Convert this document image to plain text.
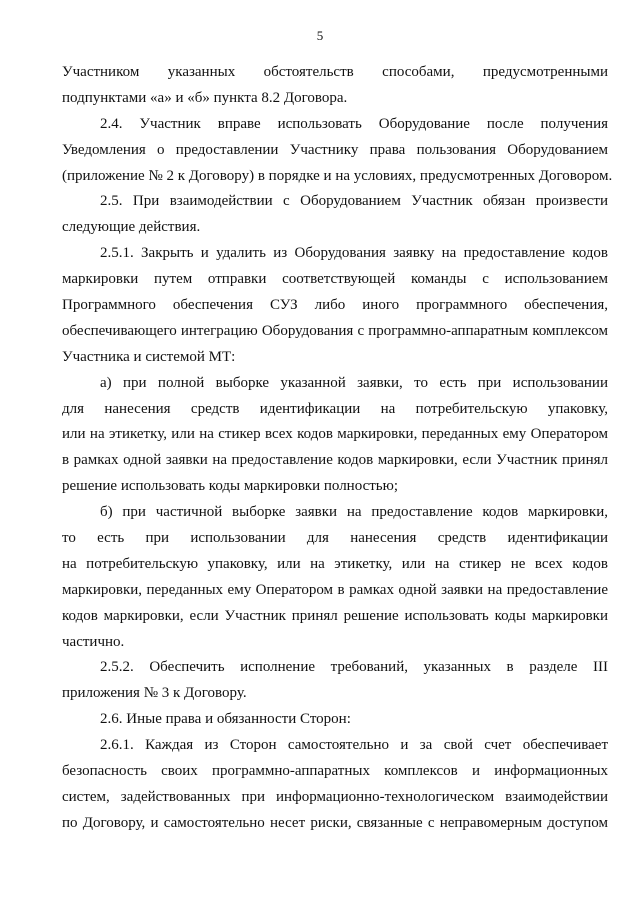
5
Участником указанных обстоятельств способами, предусмотренными
подпунктами «а» и «б» пункта 8.2 Договора.
2.4. Участник вправе использовать Оборудование после получения
Уведомления о предоставлении Участнику права пользования Оборудованием
(приложение № 2 к Договору) в порядке и на условиях, предусмотренных Договором.
2.5. При взаимодействии с Оборудованием Участник обязан произвести
следующие действия.
2.5.1. Закрыть и удалить из Оборудования заявку на предоставление кодов
маркировки путем отправки соответствующей команды с использованием
Программного обеспечения СУЗ либо иного программного обеспечения,
обеспечивающего интеграцию Оборудования с программно-аппаратным комплексом
Участника и системой МТ:
а) при полной выборке указанной заявки, то есть при использовании
для нанесения средств идентификации на потребительскую упаковку,
или на этикетку, или на стикер всех кодов маркировки, переданных ему Оператором
в рамках одной заявки на предоставление кодов маркировки, если Участник принял
решение использовать коды маркировки полностью;
б) при частичной выборке заявки на предоставление кодов маркировки,
то есть при использовании для нанесения средств идентификации
на потребительскую упаковку, или на этикетку, или на стикер не всех кодов
маркировки, переданных ему Оператором в рамках одной заявки на предоставление
кодов маркировки, если Участник принял решение использовать коды маркировки
частично.
2.5.2. Обеспечить исполнение требований, указанных в разделе III
приложения № 3 к Договору.
2.6. Иные права и обязанности Сторон:
2.6.1. Каждая из Сторон самостоятельно и за свой счет обеспечивает
безопасность своих программно-аппаратных комплексов и информационных
систем, задействованных при информационно-технологическом взаимодействии
по Договору, и самостоятельно несет риски, связанные с неправомерным доступом
